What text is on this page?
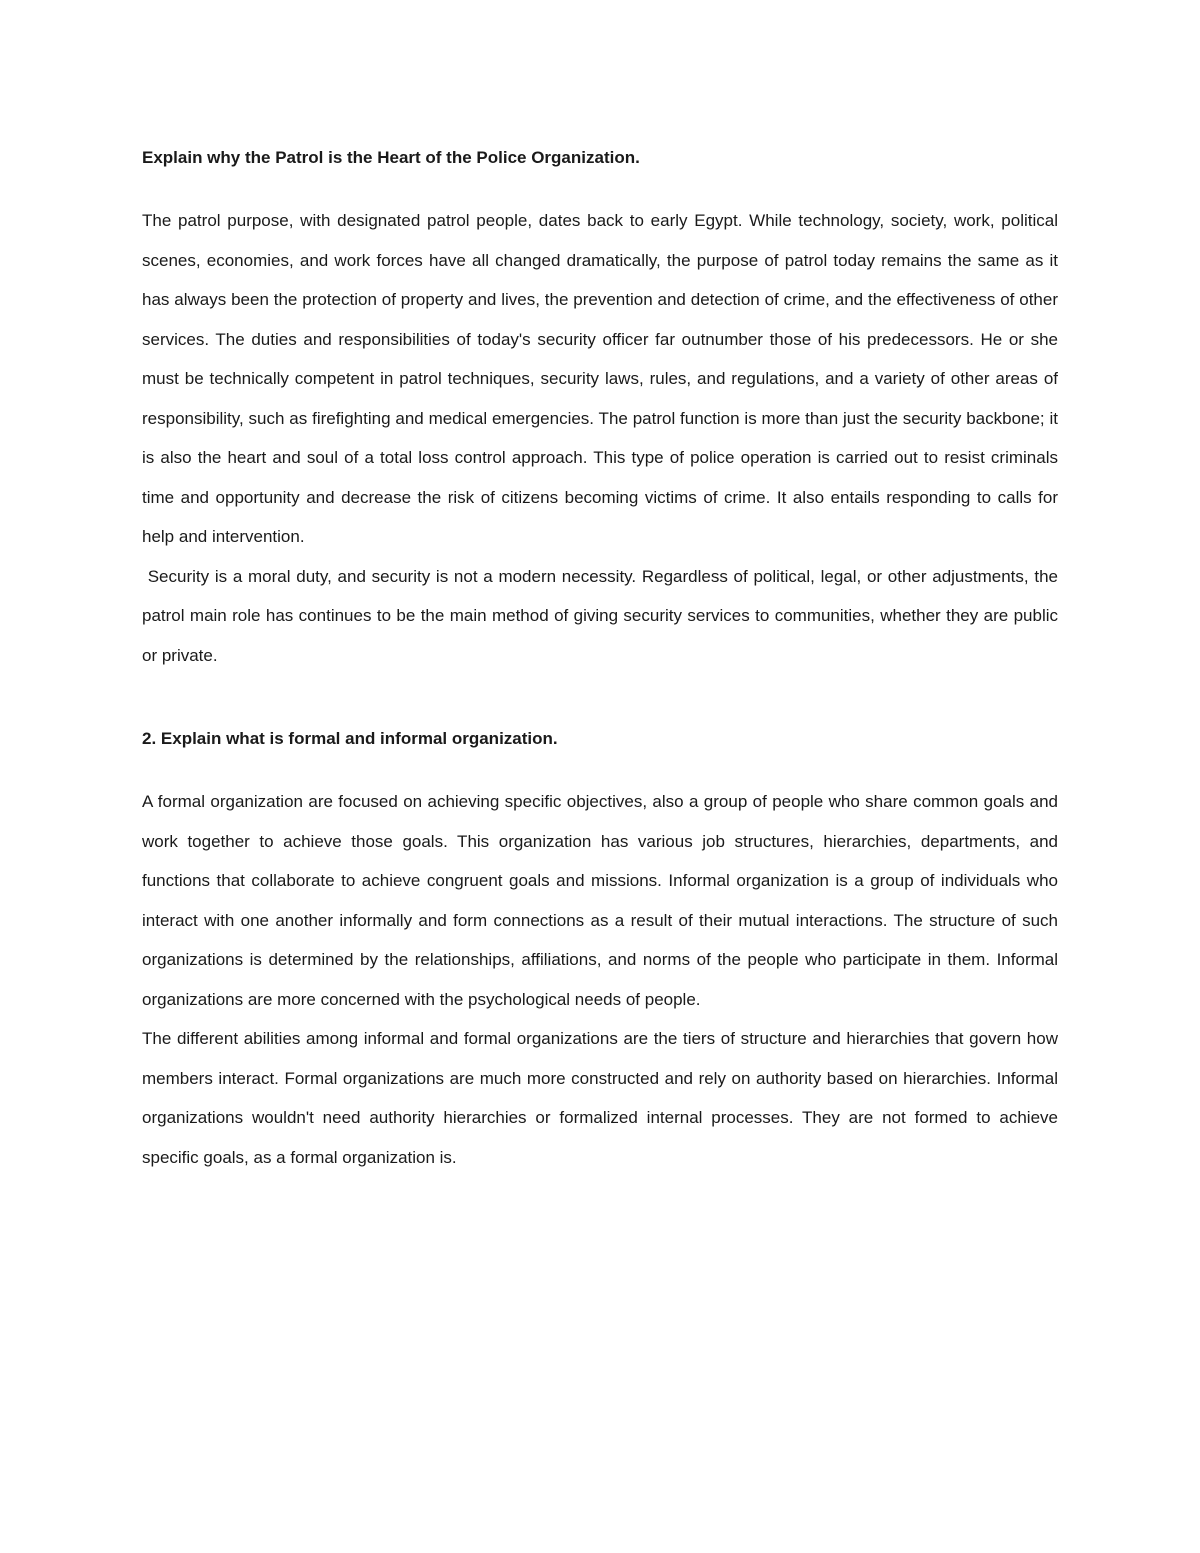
Explain why the Patrol is the Heart of the Police Organization.

The patrol purpose, with designated patrol people, dates back to early Egypt. While technology, society, work, political scenes, economies, and work forces have all changed dramatically, the purpose of patrol today remains the same as it has always been the protection of property and lives, the prevention and detection of crime, and the effectiveness of other services. The duties and responsibilities of today's security officer far outnumber those of his predecessors. He or she must be technically competent in patrol techniques, security laws, rules, and regulations, and a variety of other areas of responsibility, such as firefighting and medical emergencies. The patrol function is more than just the security backbone; it is also the heart and soul of a total loss control approach. This type of police operation is carried out to resist criminals time and opportunity and decrease the risk of citizens becoming victims of crime. It also entails responding to calls for help and intervention.

Security is a moral duty, and security is not a modern necessity. Regardless of political, legal, or other adjustments, the patrol main role has continues to be the main method of giving security services to communities, whether they are public or private.

2. Explain what is formal and informal organization.

A formal organization are focused on achieving specific objectives, also a group of people who share common goals and work together to achieve those goals. This organization has various job structures, hierarchies, departments, and functions that collaborate to achieve congruent goals and missions. Informal organization is a group of individuals who interact with one another informally and form connections as a result of their mutual interactions. The structure of such organizations is determined by the relationships, affiliations, and norms of the people who participate in them. Informal organizations are more concerned with the psychological needs of people.

The different abilities among informal and formal organizations are the tiers of structure and hierarchies that govern how members interact. Formal organizations are much more constructed and rely on authority based on hierarchies. Informal organizations wouldn't need authority hierarchies or formalized internal processes. They are not formed to achieve specific goals, as a formal organization is.
